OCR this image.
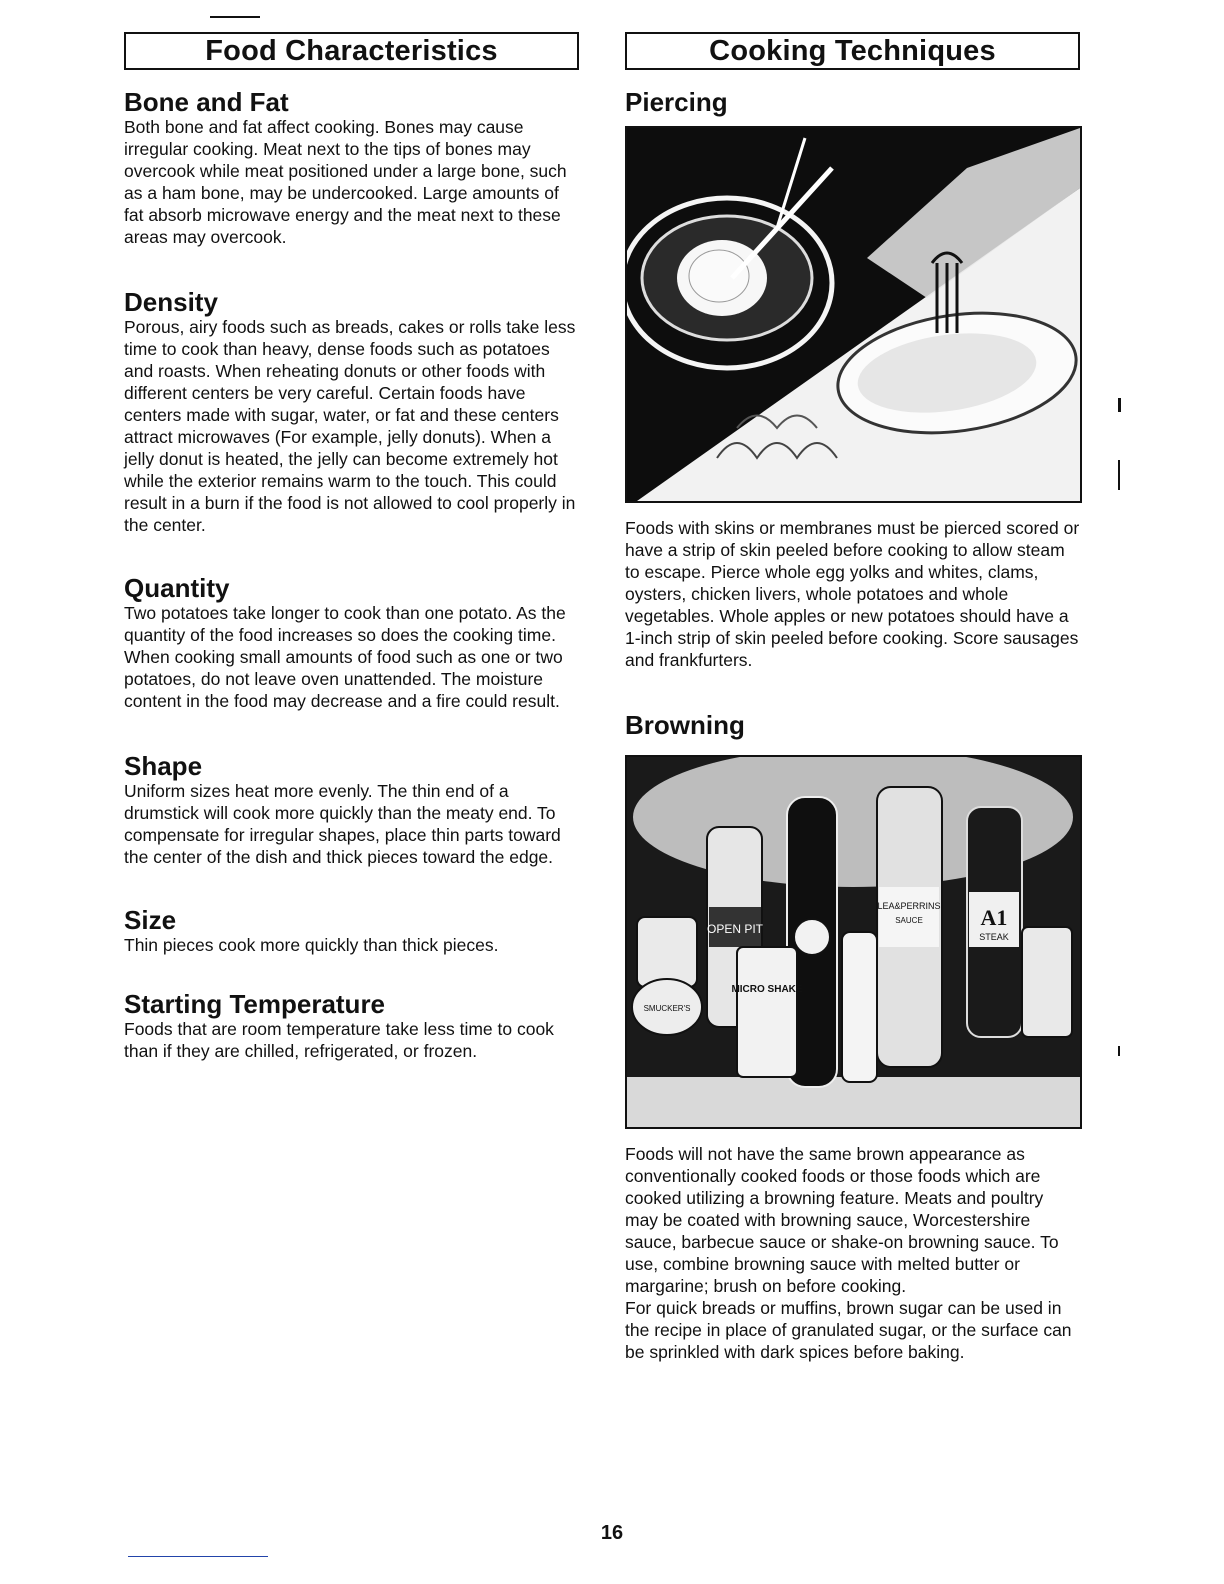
Food Characteristics
Bone and Fat

Both bone and fat affect cooking. Bones may cause irregular cooking. Meat next to the tips of bones may overcook while meat positioned under a large bone, such as a ham bone, may be undercooked. Large amounts of fat absorb microwave energy and the meat next to these areas may overcook.

Density

Porous, airy foods such as breads, cakes or rolls take less time to cook than heavy, dense foods such as potatoes and roasts. When reheating donuts or other foods with different centers be very careful. Certain foods have centers made with sugar, water, or fat and these centers attract microwaves (For example, jelly donuts). When a jelly donut is heated, the jelly can become extremely hot while the exterior remains warm to the touch. This could result in a burn if the food is not allowed to cool properly in the center.

Quantity

Two potatoes take longer to cook than one potato. As the quantity of the food increases so does the cooking time. When cooking small amounts of food such as one or two potatoes, do not leave oven unattended. The moisture content in the food may decrease and a fire could result.

Shape

Uniform sizes heat more evenly. The thin end of a drumstick will cook more quickly than the meaty end. To compensate for irregular shapes, place thin parts toward the center of the dish and thick pieces toward the edge.

Size

Thin pieces cook more quickly than thick pieces.

Starting Temperature

Foods that are room temperature take less time to cook than if they are chilled, refrigerated, or frozen.

Cooking Techniques
Piercing

Foods with skins or membranes must be pierced scored or have a strip of skin peeled before cooking to allow steam to escape. Pierce whole egg yolks and whites, clams, oysters, chicken livers, whole potatoes and whole vegetables. Whole apples or new potatoes should have a 1-inch strip of skin peeled before cooking. Score sausages and frankfurters.

Browning
OPEN PIT
LEA&PERRINS
SAUCE	A1
STEAK
MICRO SHAKE
SMUCKER'S

Foods will not have the same brown appearance as conventionally cooked foods or those foods which are cooked utilizing a browning feature. Meats and poultry may be coated with browning sauce, Worcestershire sauce, barbecue sauce or shake-on browning sauce. To use, combine browning sauce with melted butter or margarine; brush on before cooking.

For quick breads or muffins, brown sugar can be used in the recipe in place of granulated sugar, or the surface can be sprinkled with dark spices before baking.

16
